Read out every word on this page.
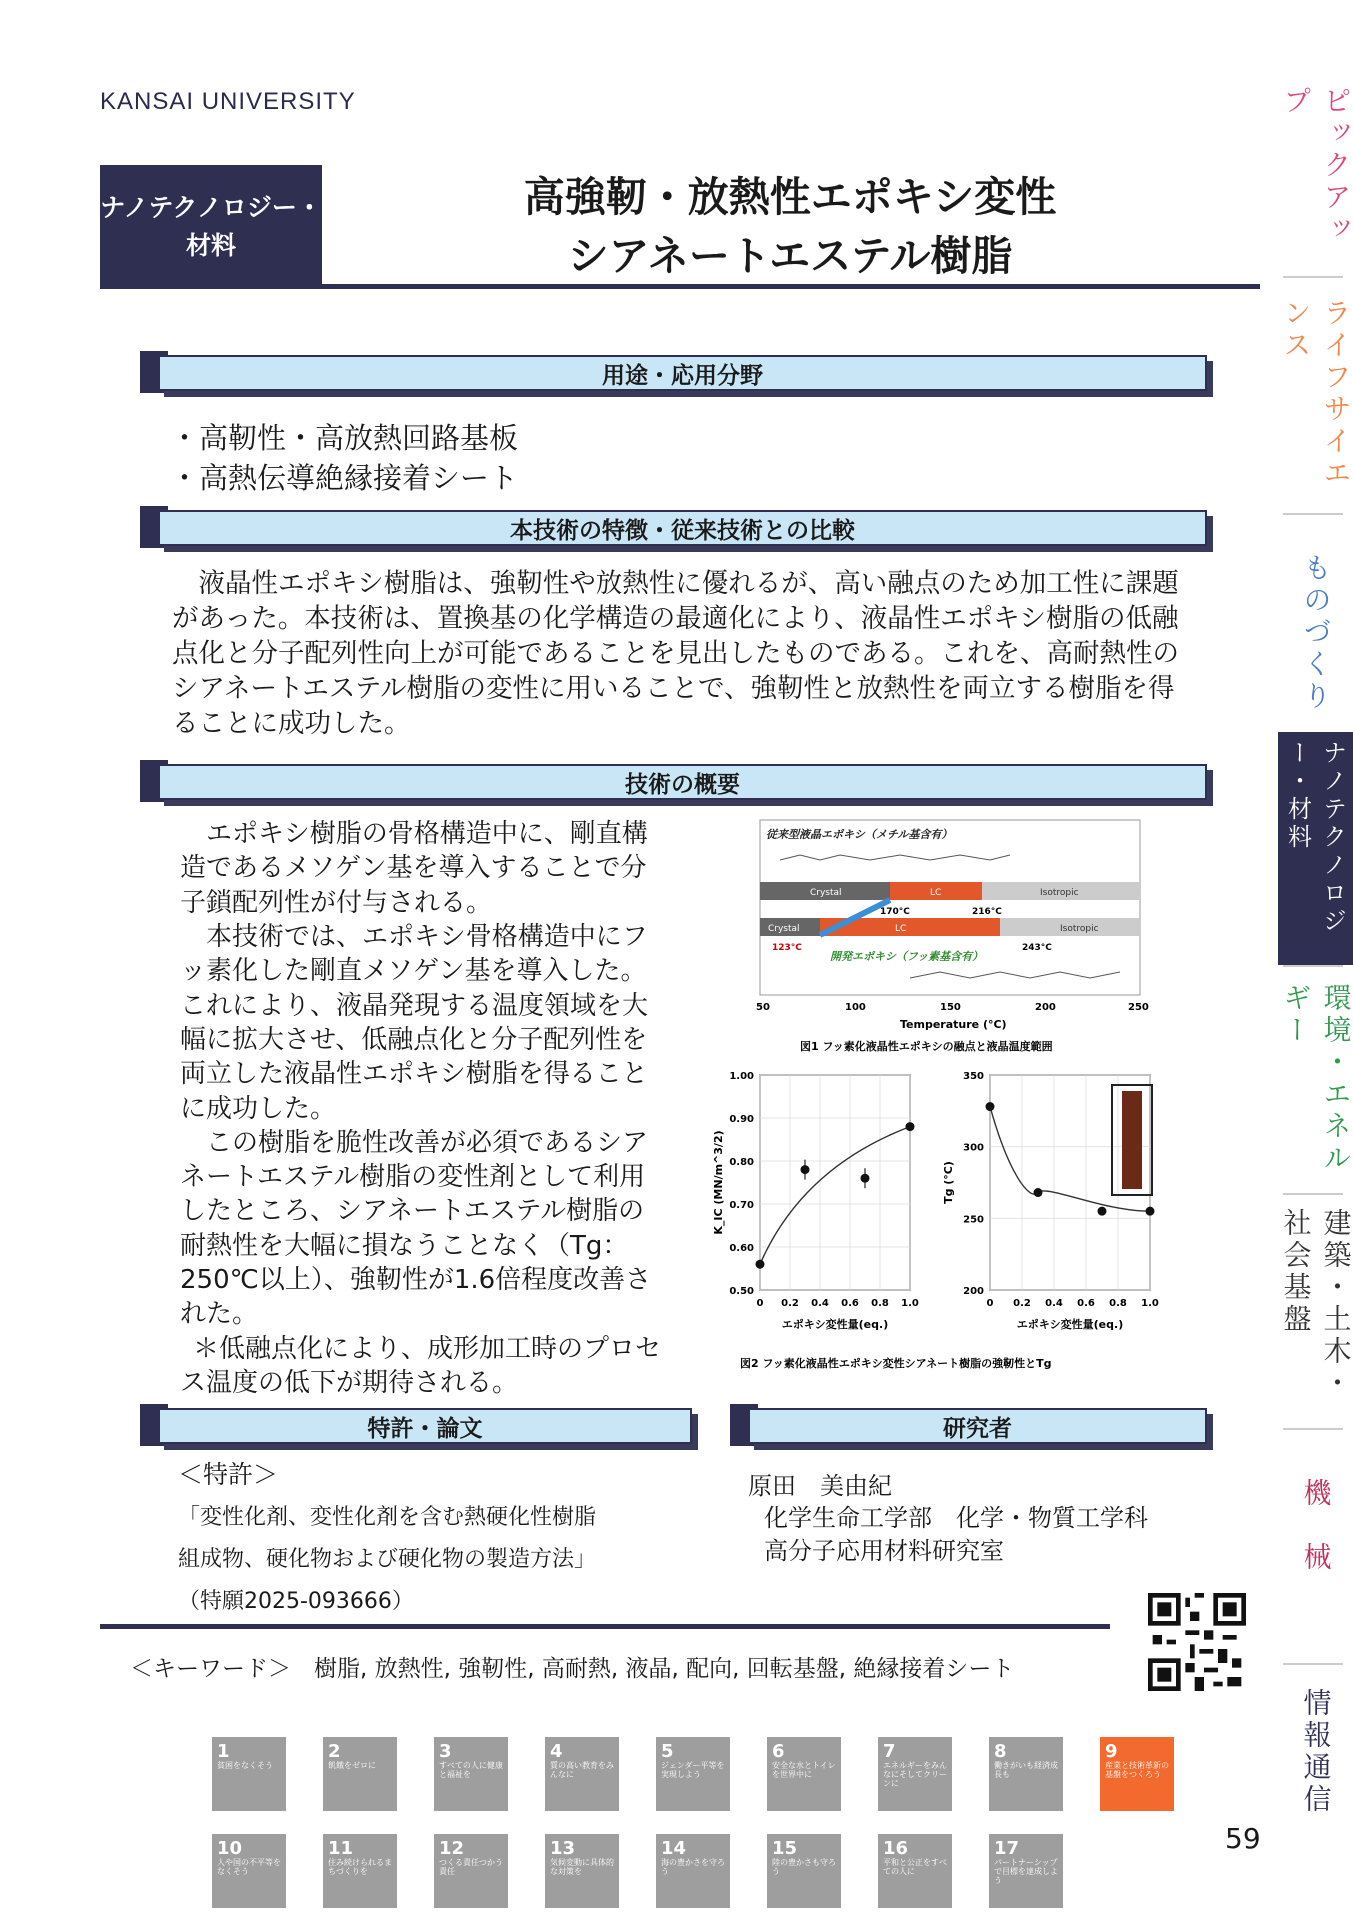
KANSAI UNIVERSITY
ナノテクノロジー・
材料
高強靭・放熱性エポキシ変性
シアネートエステル樹脂
用途・応用分野
・高靭性・高放熱回路基板
・高熱伝導絶縁接着シート
本技術の特徴・従来技術との比較
液晶性エポキシ樹脂は、強靭性や放熱性に優れるが、高い融点のため加工性に課題があった。本技術は、置換基の化学構造の最適化により、液晶性エポキシ樹脂の低融点化と分子配列性向上が可能であることを見出したものである。これを、高耐熱性のシアネートエステル樹脂の変性に用いることで、強靭性と放熱性を両立する樹脂を得ることに成功した。
技術の概要

エポキシ樹脂の骨格構造中に、剛直構造であるメソゲン基を導入することで分子鎖配列性が付与される。

本技術では、エポキシ骨格構造中にフッ素化した剛直メソゲン基を導入した。これにより、液晶発現する温度領域を大幅に拡大させ、低融点化と分子配列性を両立した液晶性エポキシ樹脂を得ることに成功した。

この樹脂を脆性改善が必須であるシアネートエステル樹脂の変性剤として利用したところ、シアネートエステル樹脂の耐熱性を大幅に損なうことなく（Tg：250℃以上）、強靭性が1.6倍程度改善された。

＊低融点化により、成形加工時のプロセス温度の低下が期待される。

従来型液晶エポキシ（メチル基含有）
Crystal	LC	Isotropic
170°C	216°C
Crystal	LC	Isotropic
123°C	243°C
開発エポキシ（フッ素基含有）
50	100	150	200	250
Temperature (°C)
図1 フッ素化液晶性エポキシの融点と液晶温度範囲
0.50
0.60
0.70
0.80
0.90
1.00
0 0.2 0.4 0.6 0.8 1.0
エポキシ変性量(eq.)
K_IC (MN/m^3/2)
200
250
300
350
0 0.2 0.4 0.6 0.8 1.0
エポキシ変性量(eq.)
Tg (°C)
図2 フッ素化液晶性エポキシ変性シアネート樹脂の強靭性とTg
特許・論文
＜特許＞
「変性化剤、変性化剤を含む熱硬化性樹脂
組成物、硬化物および硬化物の製造方法」
（特願2025-093666）
研究者
原田　美由紀
化学生命工学部　化学・物質工学科
高分子応用材料研究室
＜キーワード＞　樹脂, 放熱性, 強靭性, 高耐熱, 液晶, 配向, 回転基盤, 絶縁接着シート
1
貧困をなくそう
2
飢餓をゼロに
3
すべての人に健康と福祉を
4
質の高い教育をみんなに
5
ジェンダー平等を実現しよう
6
安全な水とトイレを世界中に
7
エネルギーをみんなにそしてクリーンに
8
働きがいも経済成長も
9
産業と技術革新の基盤をつくろう
10
人や国の不平等をなくそう
11
住み続けられるまちづくりを
12
つくる責任つかう責任
13
気候変動に具体的な対策を
14
海の豊かさを守ろう
15
陸の豊かさも守ろう
16
平和と公正をすべての人に
17
パートナーシップで目標を達成しよう
59
ピックアップ
ライフサイエンス
ものづくり
ナノテクノロジー・材料
環境・エネルギー
建築・土木・社会基盤
機　械
情報通信
